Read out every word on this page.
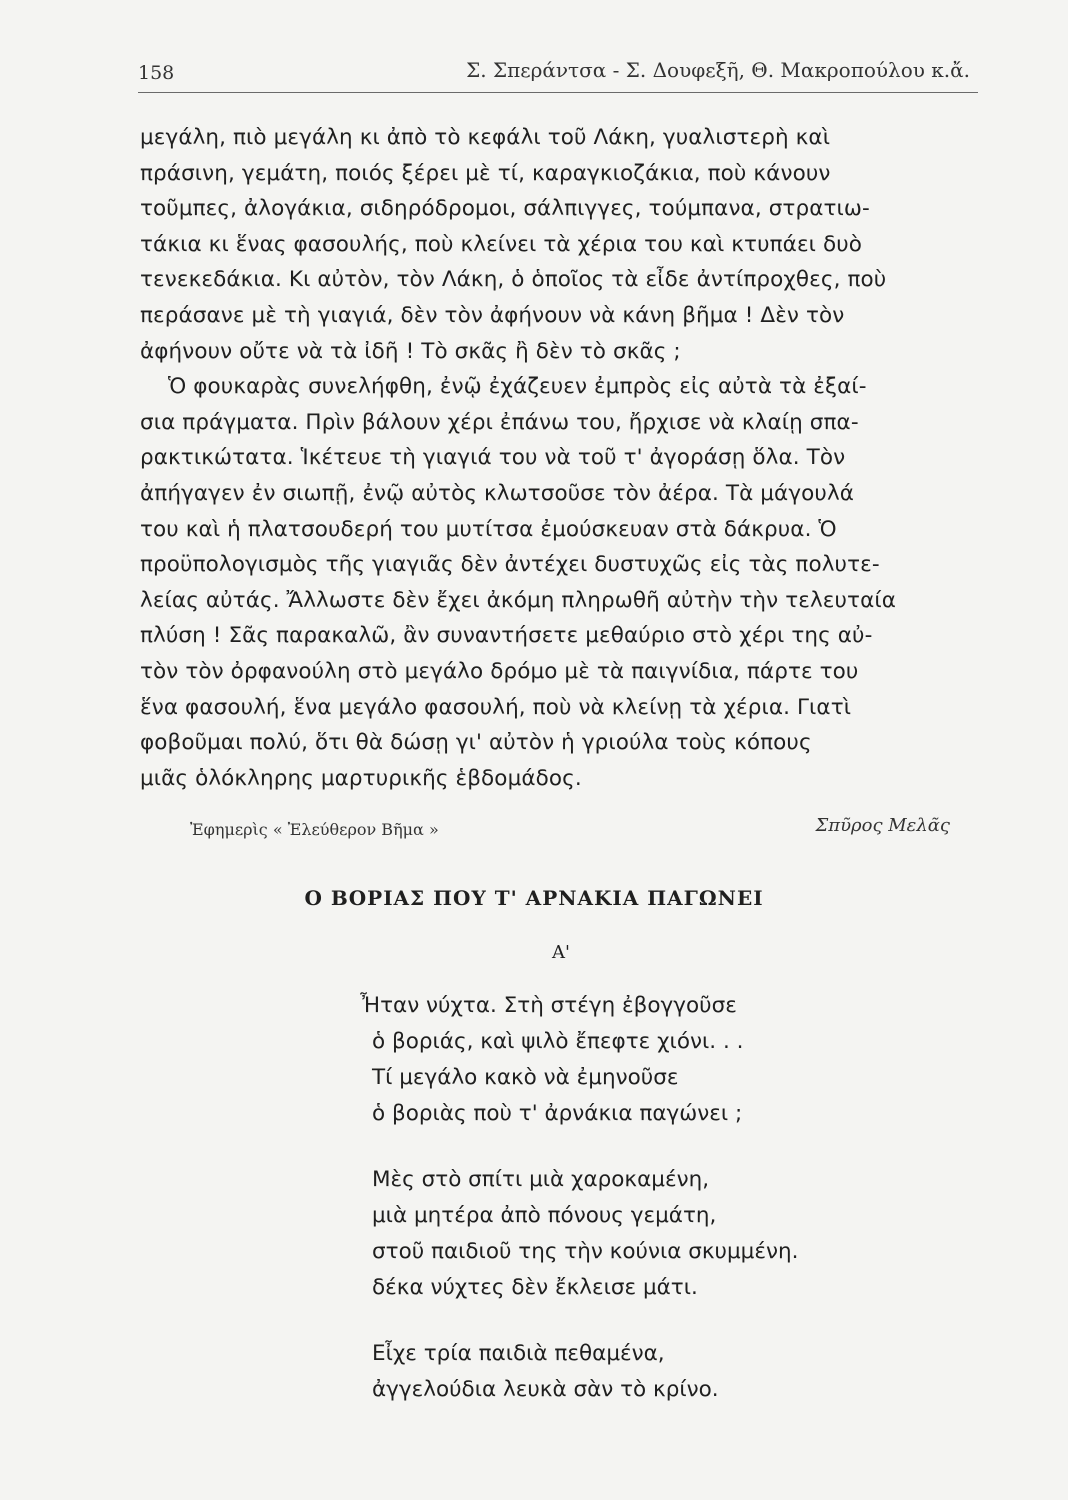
158	Σ. Σπεράντσα - Σ. Δουφεξῆ, Θ. Μακροπούλου κ.ἄ.
μεγάλη, πιὸ μεγάλη κι ἀπὸ τὸ κεφάλι τοῦ Λάκη, γυαλιστερὴ καὶ
πράσινη, γεμάτη, ποιός ξέρει μὲ τί, καραγκιοζάκια, ποὺ κάνουν
τοῦμπες, ἀλογάκια, σιδηρόδρομοι, σάλπιγγες, τούμπανα, στρατιω-
τάκια κι ἕνας φασουλής, ποὺ κλείνει τὰ χέρια του καὶ κτυπάει δυὸ
τενεκεδάκια. Κι αὐτὸν, τὸν Λάκη, ὁ ὁποῖος τὰ εἶδε ἀντίπροχθες, ποὺ
περάσανε μὲ τὴ γιαγιά, δὲν τὸν ἀφήνουν νὰ κάνη βῆμα ! Δὲν τὸν
ἀφήνουν οὔτε νὰ τὰ ἰδῆ ! Τὸ σκᾶς ἢ δὲν τὸ σκᾶς ;
Ὁ φουκαρὰς συνελήφθη, ἐνῷ ἐχάζευεν ἐμπρὸς εἰς αὐτὰ τὰ ἐξαί-
σια πράγματα. Πρὶν βάλουν χέρι ἐπάνω του, ἤρχισε νὰ κλαίῃ σπα-
ρακτικώτατα. Ἱκέτευε τὴ γιαγιά του νὰ τοῦ τ' ἀγοράσῃ ὅλα. Τὸν
ἀπήγαγεν ἐν σιωπῇ, ἐνῷ αὐτὸς κλωτσοῦσε τὸν ἀέρα. Τὰ μάγουλά
του καὶ ἡ πλατσουδερή του μυτίτσα ἐμούσκευαν στὰ δάκρυα. Ὁ
προϋπολογισμὸς τῆς γιαγιᾶς δὲν ἀντέχει δυστυχῶς εἰς τὰς πολυτε-
λείας αὐτάς. Ἄλλωστε δὲν ἔχει ἀκόμη πληρωθῆ αὐτὴν τὴν τελευταία
πλύση ! Σᾶς παρακαλῶ, ἂν συναντήσετε μεθαύριο στὸ χέρι της αὐ-
τὸν τὸν ὀρφανούλη στὸ μεγάλο δρόμο μὲ τὰ παιγνίδια, πάρτε του
ἕνα φασουλή, ἕνα μεγάλο φασουλή, ποὺ νὰ κλείνῃ τὰ χέρια. Γιατὶ
φοβοῦμαι πολύ, ὅτι θὰ δώσῃ γι' αὐτὸν ἡ γριούλα τοὺς κόπους
μιᾶς ὁλόκληρης μαρτυρικῆς ἑβδομάδος.
Ἐφημερὶς « Ἐλεύθερον Βῆμα »	Σπῦρος Μελᾶς
Ο ΒΟΡΙΑΣ ΠΟΥ Τ' ΑΡΝΑΚΙΑ ΠΑΓΩΝΕΙ
Α'
Ἦταν νύχτα. Στὴ στέγη ἐβογγοῦσε
ὁ βοριάς, καὶ ψιλὸ ἔπεφτε χιόνι. . .
Τί μεγάλο κακὸ νὰ ἐμηνοῦσε
ὁ βοριὰς ποὺ τ' ἀρνάκια παγώνει ;
Μὲς στὸ σπίτι μιὰ χαροκαμένη,
μιὰ μητέρα ἀπὸ πόνους γεμάτη,
στοῦ παιδιοῦ της τὴν κούνια σκυμμένη.
δέκα νύχτες δὲν ἔκλεισε μάτι.
Εἶχε τρία παιδιὰ πεθαμένα,
ἀγγελούδια λευκὰ σὰν τὸ κρίνο.
